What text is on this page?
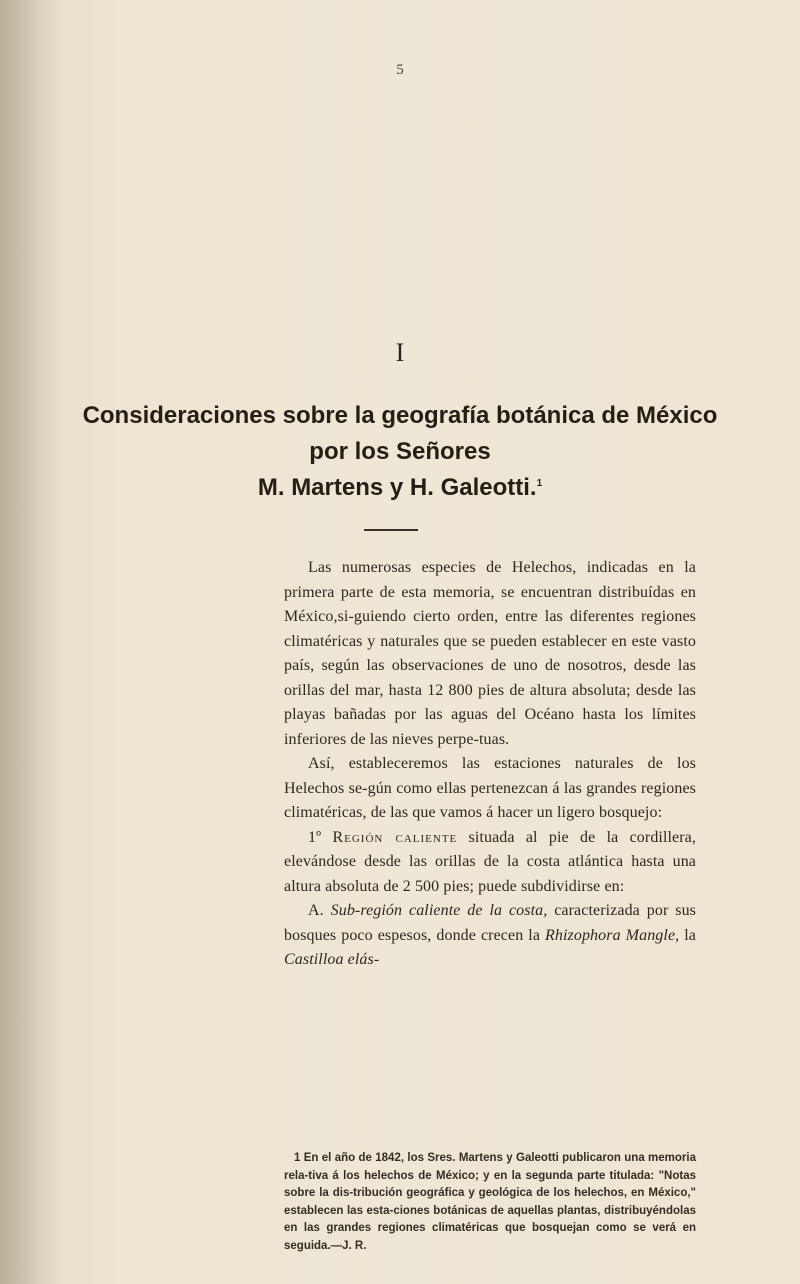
5
I
Consideraciones sobre la geografía botánica de México
por los Señores
M. Martens y H. Galeotti.$^1$

Las numerosas especies de Helechos, indicadas en la primera parte de esta memoria, se encuentran distribuídas en México,si-guiendo cierto orden, entre las diferentes regiones climatéricas y naturales que se pueden establecer en este vasto país, según las observaciones de uno de nosotros, desde las orillas del mar, hasta 12 800 pies de altura absoluta; desde las playas bañadas por las aguas del Océano hasta los límites inferiores de las nieves perpe-tuas.

Así, estableceremos las estaciones naturales de los Helechos se-gún como ellas pertenezcan á las grandes regiones climatéricas, de las que vamos á hacer un ligero bosquejo:

1º Región caliente situada al pie de la cordillera, elevándose desde las orillas de la costa atlántica hasta una altura absoluta de 2 500 pies; puede subdividirse en:

A. Sub-región caliente de la costa, caracterizada por sus bosques poco espesos, donde crecen la Rhizophora Mangle, la Castilloa elás-

1 En el año de 1842, los Sres. Martens y Galeotti publicaron una memoria rela-tiva á los helechos de México; y en la segunda parte titulada: "Notas sobre la dis-tribución geográfica y geológica de los helechos, en México," establecen las esta-ciones botánicas de aquellas plantas, distribuyéndolas en las grandes regiones climatéricas que bosquejan como se verá en seguida.—J. R.
